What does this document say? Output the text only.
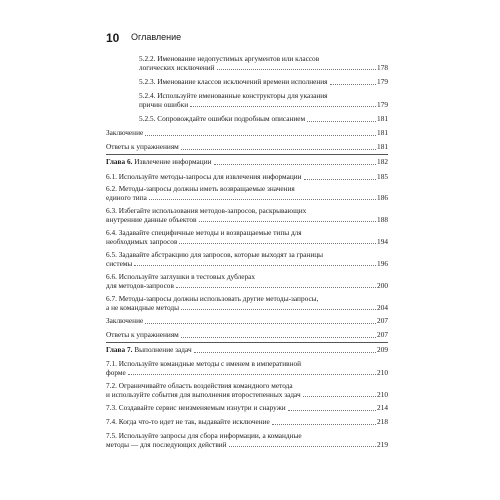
10 Оглавление
5.2.2. Именование недопустимых аргументов или классов
логических исключений	178
5.2.3. Именование классов исключений времени исполнения	179
5.2.4. Используйте именованные конструкторы для указания
причин ошибки	179
5.2.5. Сопровождайте ошибки подробным описанием	181
Заключение	181
Ответы к упражнениям	181
Глава 6. Извлечение информации	182
6.1. Используйте методы-запросы для извлечения информации	185
6.2. Методы-запросы должны иметь возвращаемые значения
единого типа	186
6.3. Избегайте использования методов-запросов, раскрывающих
внутренние данные объектов	188
6.4. Задавайте специфичные методы и возвращаемые типы для
необходимых запросов	194
6.5. Задавайте абстракцию для запросов, которые выходят за границы
системы	196
6.6. Используйте заглушки в тестовых дублерах
для методов-запросов	200
6.7. Методы-запросы должны использовать другие методы-запросы,
а не командные методы	204
Заключение	207
Ответы к упражнениям	207
Глава 7. Выполнение задач	209
7.1. Используйте командные методы с именем в императивной
форме	210
7.2. Ограничивайте область воздействия командного метода
и используйте события для выполнения второстепенных задач	210
7.3. Создавайте сервис неизменяемым изнутри и снаружи	214
7.4. Когда что-то идет не так, выдавайте исключение	218
7.5. Используйте запросы для сбора информации, а командные
методы — для последующих действий	219
